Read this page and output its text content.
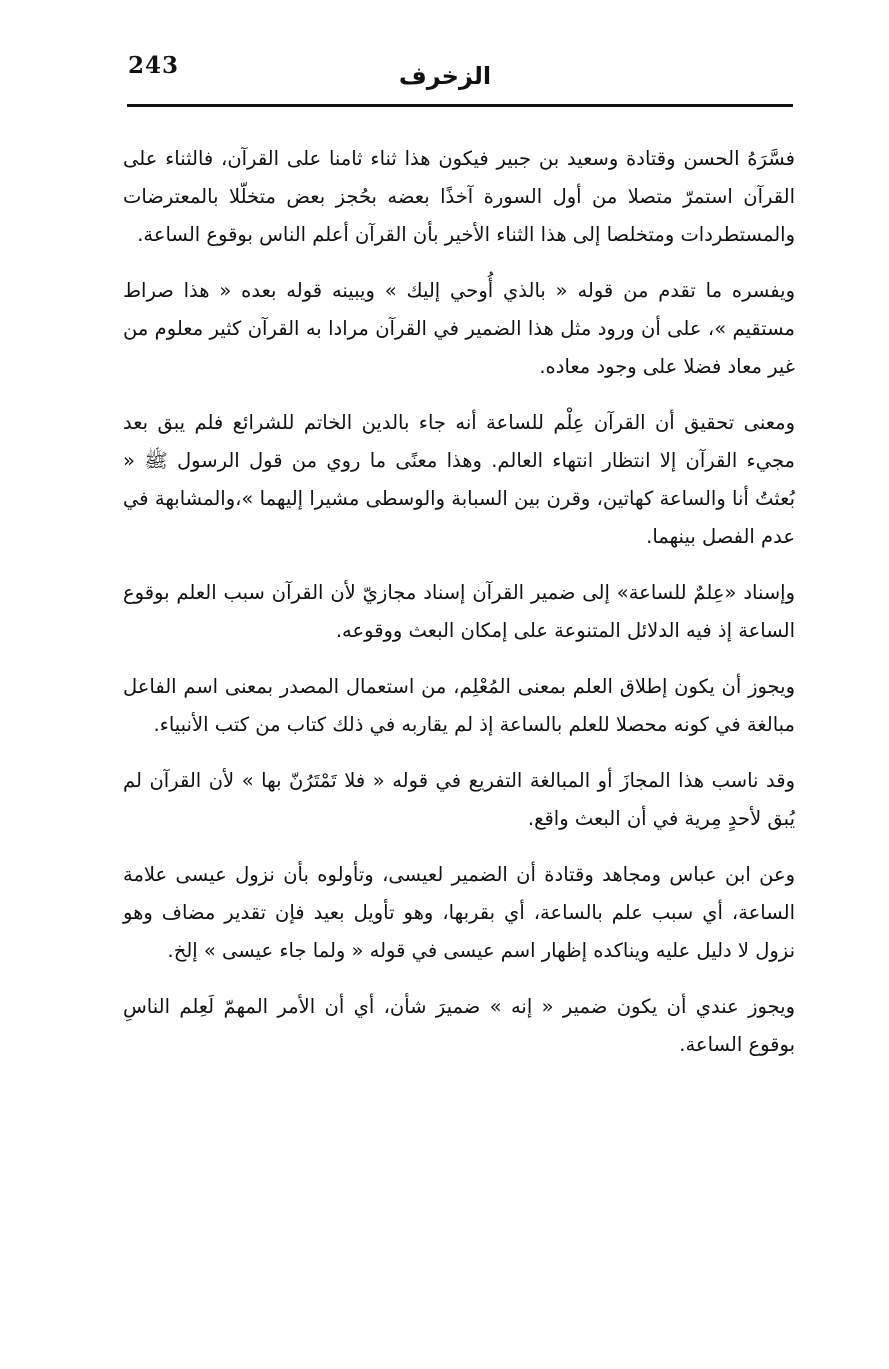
243	الزخرف

فسَّرَهُ الحسن وقتادة وسعيد بن جبير فيكون هذا ثناء ثامنا على القرآن، فالثناء على القرآن استمرّ متصلا من أول السورة آخذًا بعضه بحُجز بعض متخلّلا بالمعترضات والمستطردات ومتخلصا إلى هذا الثناء الأخير بأن القرآن أعلم الناس بوقوع الساعة.

ويفسره ما تقدم من قوله « بالذي أُوحي إليك » ويبينه قوله بعده « هذا صراط مستقيم »، على أن ورود مثل هذا الضمير في القرآن مرادا به القرآن كثير معلوم من غير معاد فضلا على وجود معاده.

ومعنى تحقيق أن القرآن عِلْم للساعة أنه جاء بالدين الخاتم للشرائع فلم يبق بعد مجيء القرآن إلا انتظار انتهاء العالم. وهذا معنًى ما روي من قول الرسول ﷺ « بُعثتُ أنا والساعة كهاتين، وقرن بين السبابة والوسطى مشيرا إليهما »،والمشابهة في عدم الفصل بينهما.

وإسناد «عِلمٌ للساعة» إلى ضمير القرآن إسناد مجازيّ لأن القرآن سبب العلم بوقوع الساعة إذ فيه الدلائل المتنوعة على إمكان البعث ووقوعه.

ويجوز أن يكون إطلاق العلم بمعنى المُعْلِم، من استعمال المصدر بمعنى اسم الفاعل مبالغة في كونه محصلا للعلم بالساعة إذ لم يقاربه في ذلك كتاب من كتب الأنبياء.

وقد ناسب هذا المجازَ أو المبالغة التفريع في قوله « فلا تَمْتَرُنّ بها » لأن القرآن لم يُبق لأحدٍ مِرية في أن البعث واقع.

وعن ابن عباس ومجاهد وقتادة أن الضمير لعيسى، وتأولوه بأن نزول عيسى علامة الساعة، أي سبب علم بالساعة، أي بقربها، وهو تأويل بعيد فإن تقدير مضاف وهو نزول لا دليل عليه ويناكده إظهار اسم عيسى في قوله « ولما جاء عيسى » إلخ.

ويجوز عندي أن يكون ضمير « إنه » ضميرَ شأن، أي أن الأمر المهمّ لَعِلم الناسِ بوقوع الساعة.
